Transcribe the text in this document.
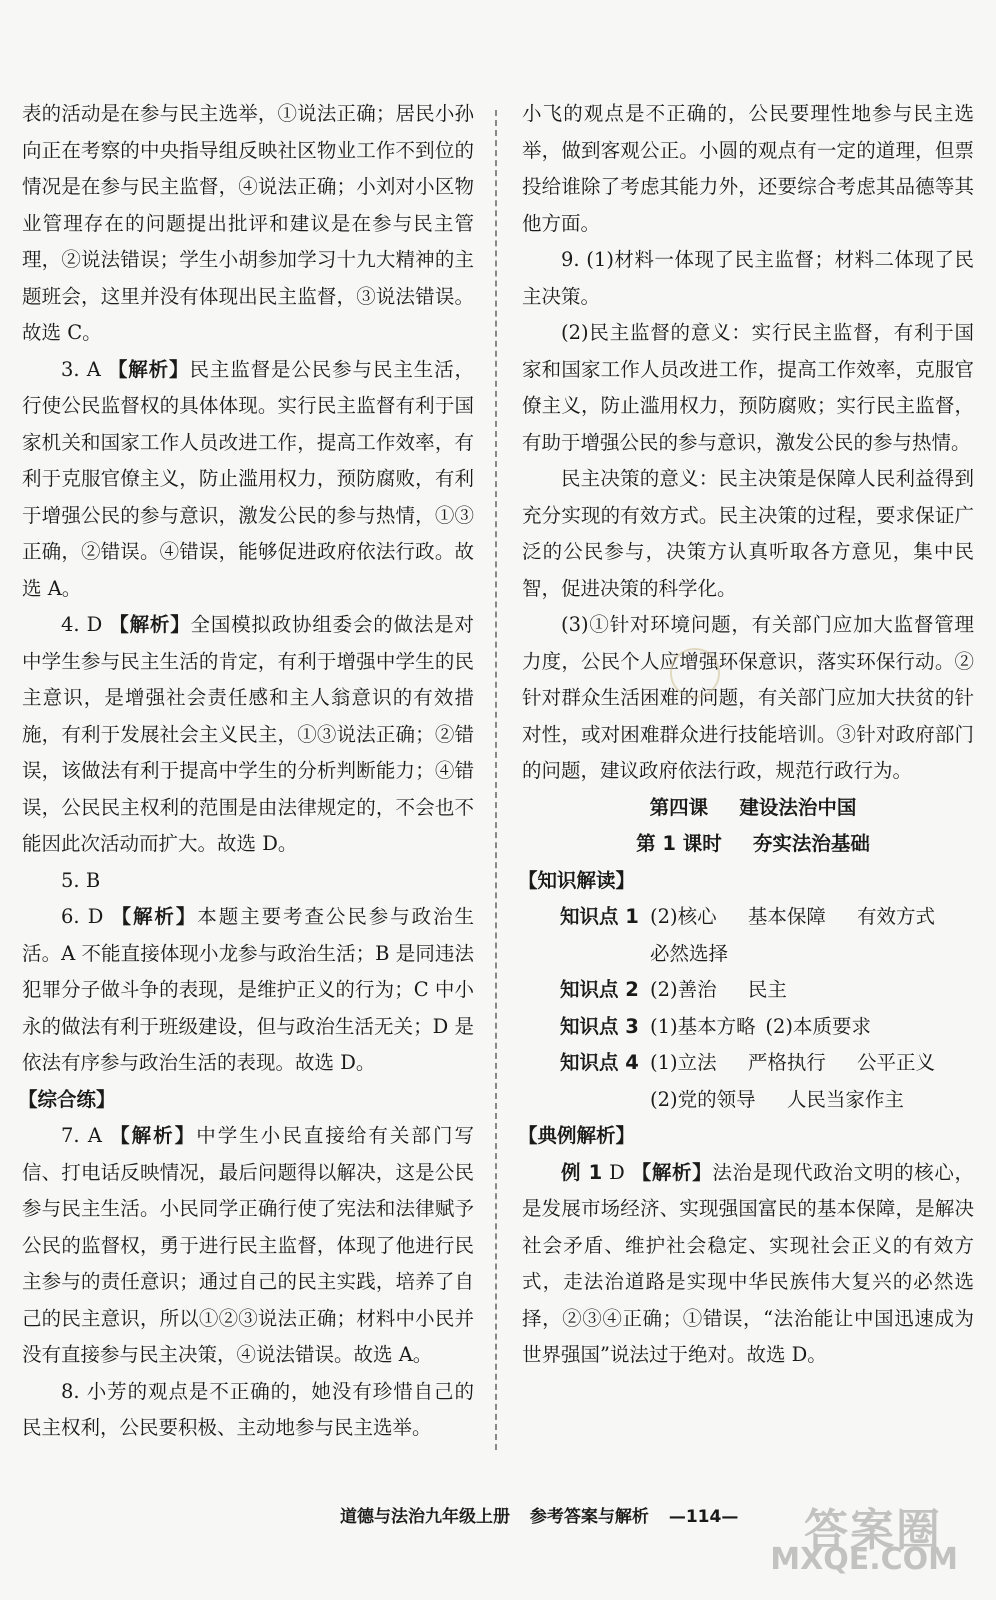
表的活动是在参与民主选举，①说法正确；居民小孙向正在考察的中央指导组反映社区物业工作不到位的情况是在参与民主监督，④说法正确；小刘对小区物业管理存在的问题提出批评和建议是在参与民主管理，②说法错误；学生小胡参加学习十九大精神的主题班会，这里并没有体现出民主监督，③说法错误。故选 C。

3. A 【解析】民主监督是公民参与民主生活，行使公民监督权的具体体现。实行民主监督有利于国家机关和国家工作人员改进工作，提高工作效率，有利于克服官僚主义，防止滥用权力，预防腐败，有利于增强公民的参与意识，激发公民的参与热情，①③正确，②错误。④错误，能够促进政府依法行政。故选 A。

4. D 【解析】全国模拟政协组委会的做法是对中学生参与民主生活的肯定，有利于增强中学生的民主意识，是增强社会责任感和主人翁意识的有效措施，有利于发展社会主义民主，①③说法正确；②错误，该做法有利于提高中学生的分析判断能力；④错误，公民民主权利的范围是由法律规定的，不会也不能因此次活动而扩大。故选 D。

5. B

6. D 【解析】本题主要考查公民参与政治生活。A 不能直接体现小龙参与政治生活；B 是同违法犯罪分子做斗争的表现，是维护正义的行为；C 中小永的做法有利于班级建设，但与政治生活无关；D 是依法有序参与政治生活的表现。故选 D。

【综合练】

7. A 【解析】中学生小民直接给有关部门写信、打电话反映情况，最后问题得以解决，这是公民参与民主生活。小民同学正确行使了宪法和法律赋予公民的监督权，勇于进行民主监督，体现了他进行民主参与的责任意识；通过自己的民主实践，培养了自己的民主意识，所以①②③说法正确；材料中小民并没有直接参与民主决策，④说法错误。故选 A。

8. 小芳的观点是不正确的，她没有珍惜自己的民主权利，公民要积极、主动地参与民主选举。

小飞的观点是不正确的，公民要理性地参与民主选举，做到客观公正。小圆的观点有一定的道理，但票投给谁除了考虑其能力外，还要综合考虑其品德等其他方面。

9. (1)材料一体现了民主监督；材料二体现了民主决策。

(2)民主监督的意义：实行民主监督，有利于国家和国家工作人员改进工作，提高工作效率，克服官僚主义，防止滥用权力，预防腐败；实行民主监督，有助于增强公民的参与意识，激发公民的参与热情。

民主决策的意义：民主决策是保障人民利益得到充分实现的有效方式。民主决策的过程，要求保证广泛的公民参与，决策方认真听取各方意见，集中民智，促进决策的科学化。

(3)①针对环境问题，有关部门应加大监督管理力度，公民个人应增强环保意识，落实环保行动。②针对群众生活困难的问题，有关部门应加大扶贫的针对性，或对困难群众进行技能培训。③针对政府部门的问题，建议政府依法行政，规范行政行为。

第四课 建设法治中国

第 1 课时 夯实法治基础

【知识解读】

知识点 1 (2)核心 基本保障 有效方式
必然选择
知识点 2 (2)善治 民主
知识点 3 (1)基本方略 (2)本质要求
知识点 4 (1)立法 严格执行 公平正义
(2)党的领导 人民当家作主

【典例解析】

例 1 D 【解析】法治是现代政治文明的核心，是发展市场经济、实现强国富民的基本保障，是解决社会矛盾、维护社会稳定、实现社会正义的有效方式，走法治道路是实现中华民族伟大复兴的必然选择，②③④正确；①错误，“法治能让中国迅速成为世界强国”说法过于绝对。故选 D。

道德与法治九年级上册 参考答案与解析 —114—	答案圈
MXQE.COM
